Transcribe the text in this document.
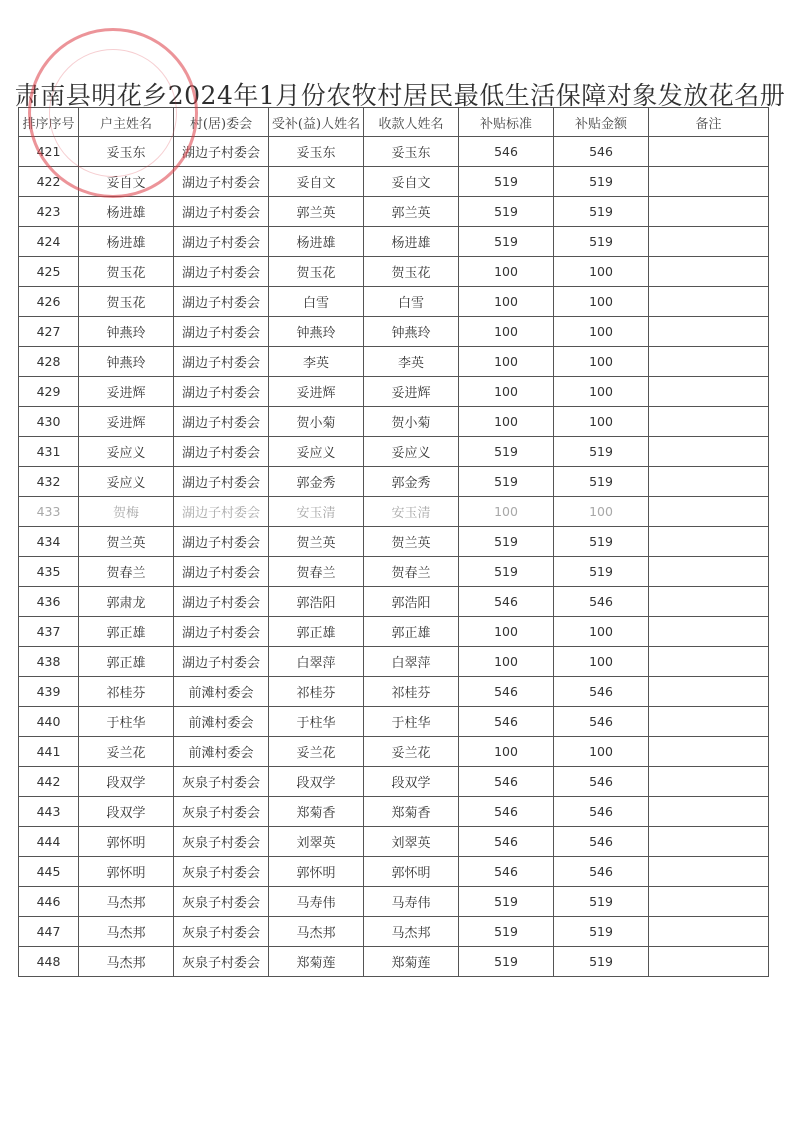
肃南县明花乡2024年1月份农牧村居民最低生活保障对象发放花名册
排序序号	户主姓名	村(居)委会	受补(益)人姓名	收款人姓名	补贴标准	补贴金额	备注
421	妥玉东	湖边子村委会	妥玉东	妥玉东	546	546	
422	妥自文	湖边子村委会	妥自文	妥自文	519	519	
423	杨进雄	湖边子村委会	郭兰英	郭兰英	519	519	
424	杨进雄	湖边子村委会	杨进雄	杨进雄	519	519	
425	贺玉花	湖边子村委会	贺玉花	贺玉花	100	100	
426	贺玉花	湖边子村委会	白雪	白雪	100	100	
427	钟燕玲	湖边子村委会	钟燕玲	钟燕玲	100	100	
428	钟燕玲	湖边子村委会	李英	李英	100	100	
429	妥进辉	湖边子村委会	妥进辉	妥进辉	100	100	
430	妥进辉	湖边子村委会	贺小菊	贺小菊	100	100	
431	妥应义	湖边子村委会	妥应义	妥应义	519	519	
432	妥应义	湖边子村委会	郭金秀	郭金秀	519	519	
433	贺梅	湖边子村委会	安玉清	安玉清	100	100	
434	贺兰英	湖边子村委会	贺兰英	贺兰英	519	519	
435	贺春兰	湖边子村委会	贺春兰	贺春兰	519	519	
436	郭肃龙	湖边子村委会	郭浩阳	郭浩阳	546	546	
437	郭正雄	湖边子村委会	郭正雄	郭正雄	100	100	
438	郭正雄	湖边子村委会	白翠萍	白翠萍	100	100	
439	祁桂芬	前滩村委会	祁桂芬	祁桂芬	546	546	
440	于柱华	前滩村委会	于柱华	于柱华	546	546	
441	妥兰花	前滩村委会	妥兰花	妥兰花	100	100	
442	段双学	灰泉子村委会	段双学	段双学	546	546	
443	段双学	灰泉子村委会	郑菊香	郑菊香	546	546	
444	郭怀明	灰泉子村委会	刘翠英	刘翠英	546	546	
445	郭怀明	灰泉子村委会	郭怀明	郭怀明	546	546	
446	马杰邦	灰泉子村委会	马寿伟	马寿伟	519	519	
447	马杰邦	灰泉子村委会	马杰邦	马杰邦	519	519	
448	马杰邦	灰泉子村委会	郑菊莲	郑菊莲	519	519	
